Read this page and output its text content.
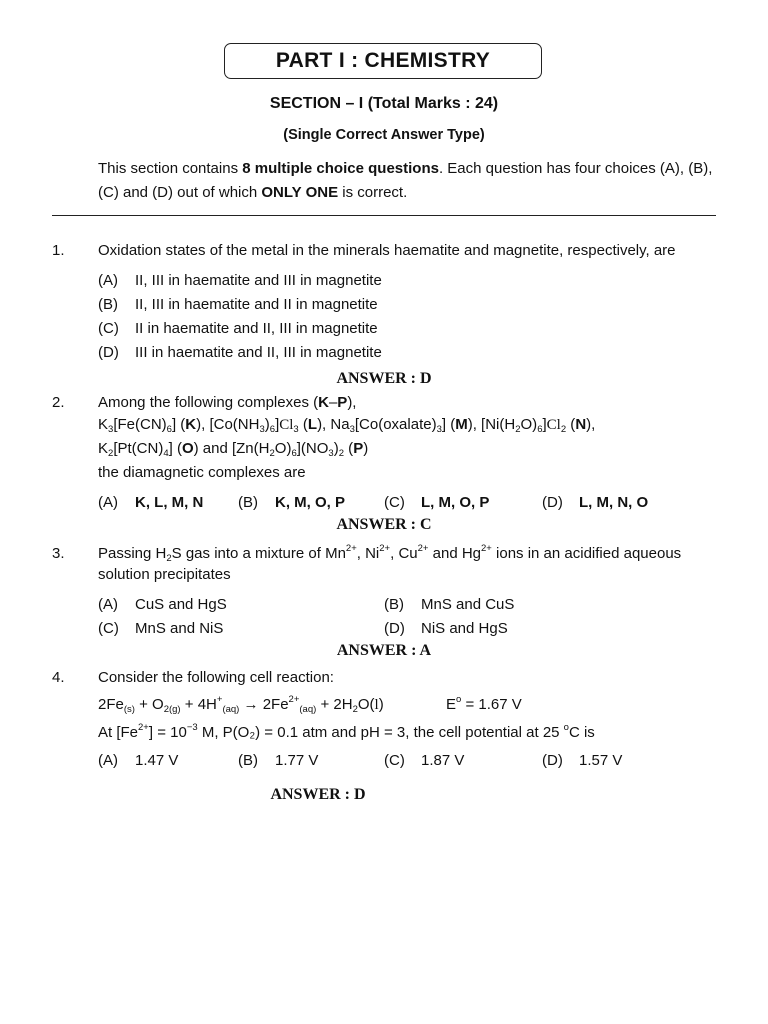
PART I : CHEMISTRY
SECTION – I (Total Marks : 24)
(Single Correct Answer Type)
This section contains 8 multiple choice questions. Each question has four choices (A), (B), (C) and (D) out of which ONLY ONE is correct.
1. Oxidation states of the metal in the minerals haematite and magnetite, respectively, are
(A) II, III in haematite and III in magnetite
(B) II, III in haematite and II in magnetite
(C) II in haematite and II, III in magnetite
(D) III in haematite and II, III in magnetite
ANSWER : D
2. Among the following complexes (K–P),
$K_3[Fe(CN)_6]$ (K), $[Co(NH_3)_6]Cl_3$ (L), $Na_3[Co(oxalate)_3]$ (M), $[Ni(H_2O)_6]Cl_2$ (N),
$K_2[Pt(CN)_4]$ (O) and $[Zn(H_2O)_6](NO_3)_2$ (P)
the diamagnetic complexes are
(A) K, L, M, N (B) K, M, O, P	(C) L, M, O, P	(D) L, M, N, O
ANSWER : C
3. Passing $H_2S$ gas into a mixture of $Mn^{2+}$, $Ni^{2+}$, $Cu^{2+}$ and $Hg^{2+}$ ions in an acidified aqueous
solution precipitates
(A) CuS and HgS	(B) MnS and CuS
(C) MnS and NiS	(D) NiS and HgS
ANSWER : A
4. Consider the following cell reaction:
$2Fe_{(s)} + O_{2(g)} + 4H^+_{(aq)} \to 2Fe^{2+}_{(aq)} + 2H_2O(l)$	$E^o = 1.67$ V
At $[Fe^{2+}] = 10^{-3}$ M, P(O₂) = 0.1 atm and pH = 3, the cell potential at 25 $^o$C is
(A) 1.47 V	(B) 1.77 V	(C) 1.87 V	(D) 1.57 V
ANSWER : D
